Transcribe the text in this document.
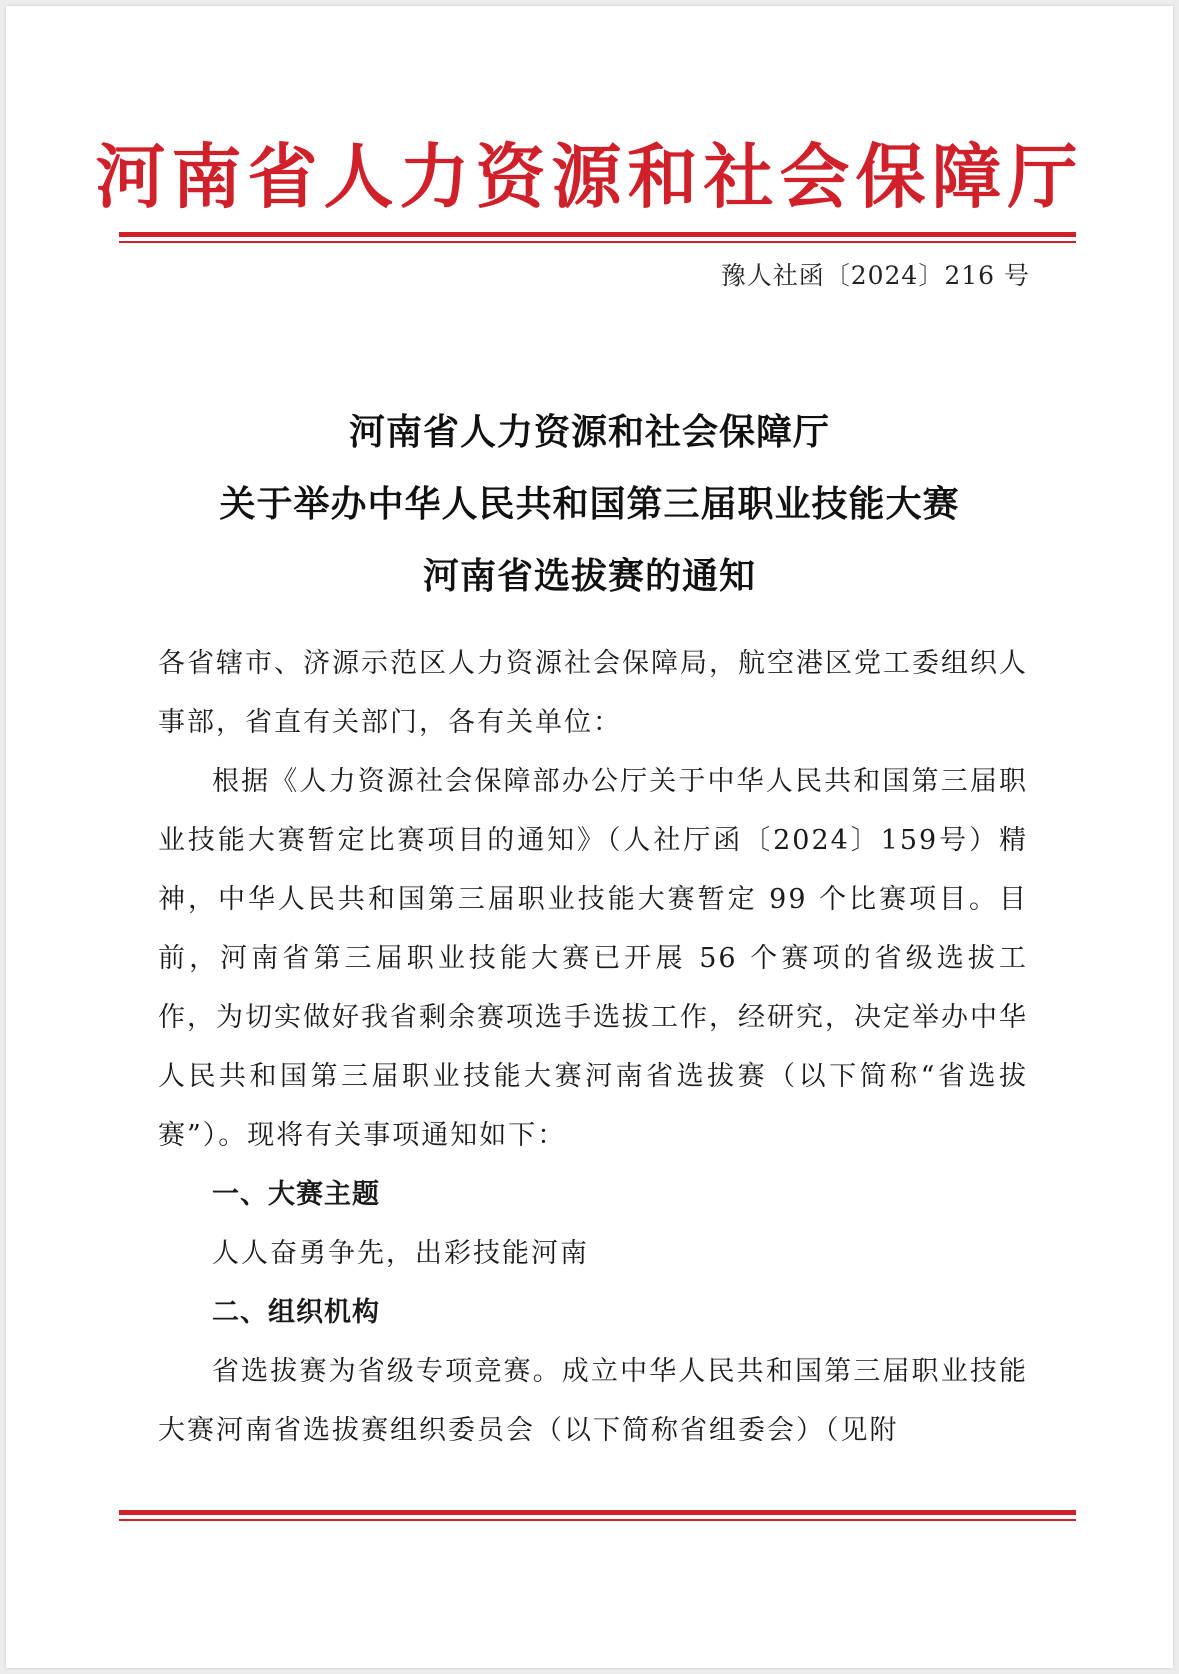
河南省人力资源和社会保障厅
豫人社函〔2024〕216 号
河南省人力资源和社会保障厅
关于举办中华人民共和国第三届职业技能大赛
河南省选拔赛的通知

各省辖市、济源示范区人力资源社会保障局，航空港区党工委组织人事部，省直有关部门，各有关单位：

根据《人力资源社会保障部办公厅关于中华人民共和国第三届职业技能大赛暂定比赛项目的通知》（人社厅函〔2024〕159号）精神，中华人民共和国第三届职业技能大赛暂定 99 个比赛项目。目前，河南省第三届职业技能大赛已开展 56 个赛项的省级选拔工作，为切实做好我省剩余赛项选手选拔工作，经研究，决定举办中华人民共和国第三届职业技能大赛河南省选拔赛（以下简称“省选拔赛”）。现将有关事项通知如下：

一、大赛主题

人人奋勇争先，出彩技能河南

二、组织机构

省选拔赛为省级专项竞赛。成立中华人民共和国第三届职业技能大赛河南省选拔赛组织委员会（以下简称省组委会）（见附
